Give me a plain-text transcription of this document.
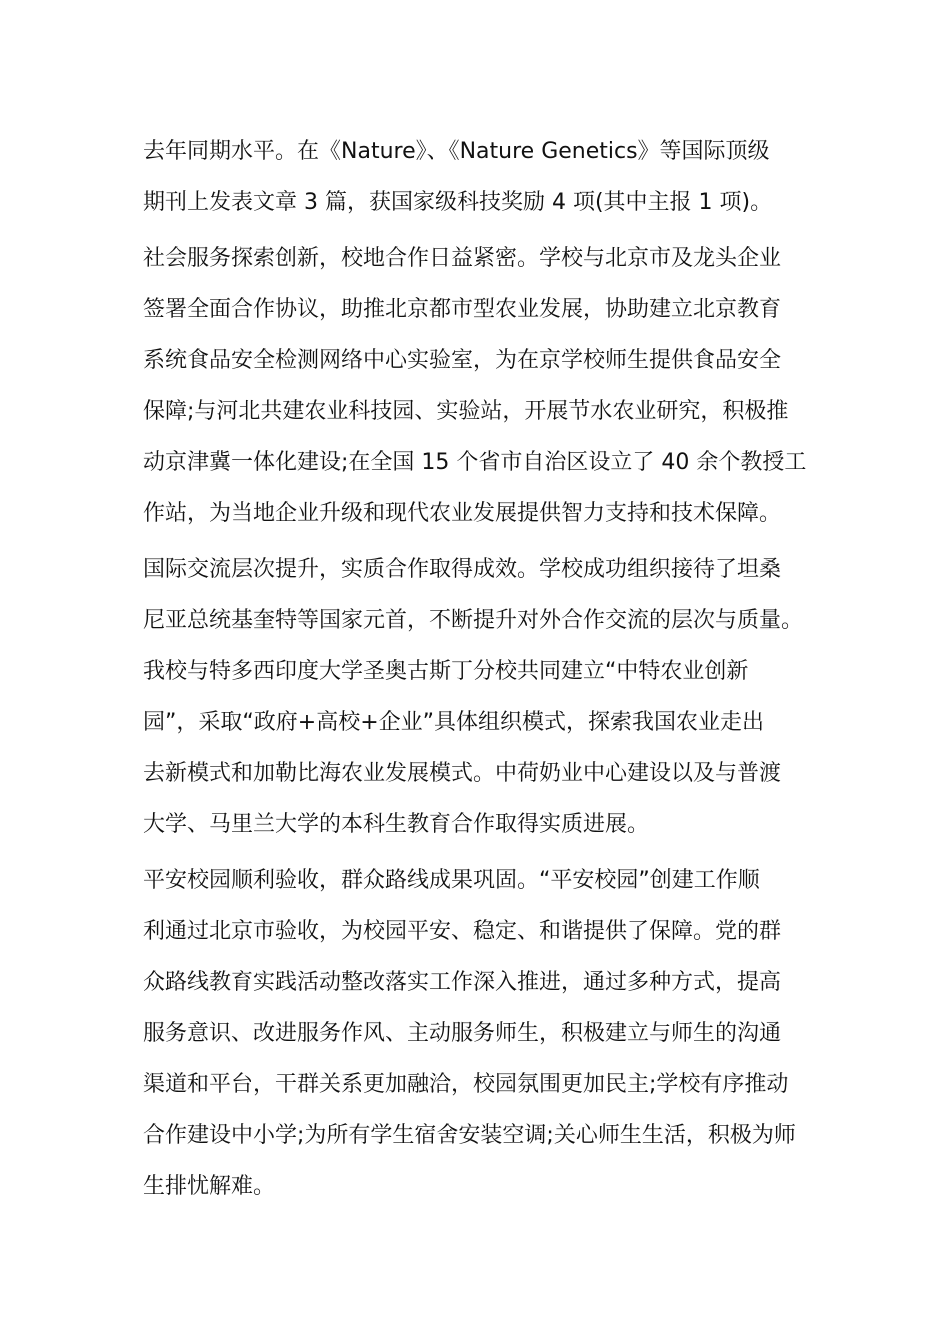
去年同期水平。在《Nature》、《Nature Genetics》等国际顶级
期刊上发表文章 3 篇，获国家级科技奖励 4 项(其中主报 1 项)。

社会服务探索创新，校地合作日益紧密。学校与北京市及龙头企业
签署全面合作协议，助推北京都市型农业发展，协助建立北京教育
系统食品安全检测网络中心实验室，为在京学校师生提供食品安全
保障;与河北共建农业科技园、实验站，开展节水农业研究，积极推
动京津冀一体化建设;在全国 15 个省市自治区设立了 40 余个教授工
作站，为当地企业升级和现代农业发展提供智力支持和技术保障。

国际交流层次提升，实质合作取得成效。学校成功组织接待了坦桑
尼亚总统基奎特等国家元首，不断提升对外合作交流的层次与质量。
我校与特多西印度大学圣奥古斯丁分校共同建立“中特农业创新
园”，采取“政府+高校+企业”具体组织模式，探索我国农业走出
去新模式和加勒比海农业发展模式。中荷奶业中心建设以及与普渡
大学、马里兰大学的本科生教育合作取得实质进展。

平安校园顺利验收，群众路线成果巩固。“平安校园”创建工作顺
利通过北京市验收，为校园平安、稳定、和谐提供了保障。党的群
众路线教育实践活动整改落实工作深入推进，通过多种方式，提高
服务意识、改进服务作风、主动服务师生，积极建立与师生的沟通
渠道和平台，干群关系更加融洽，校园氛围更加民主;学校有序推动
合作建设中小学;为所有学生宿舍安装空调;关心师生生活，积极为师
生排忧解难。
